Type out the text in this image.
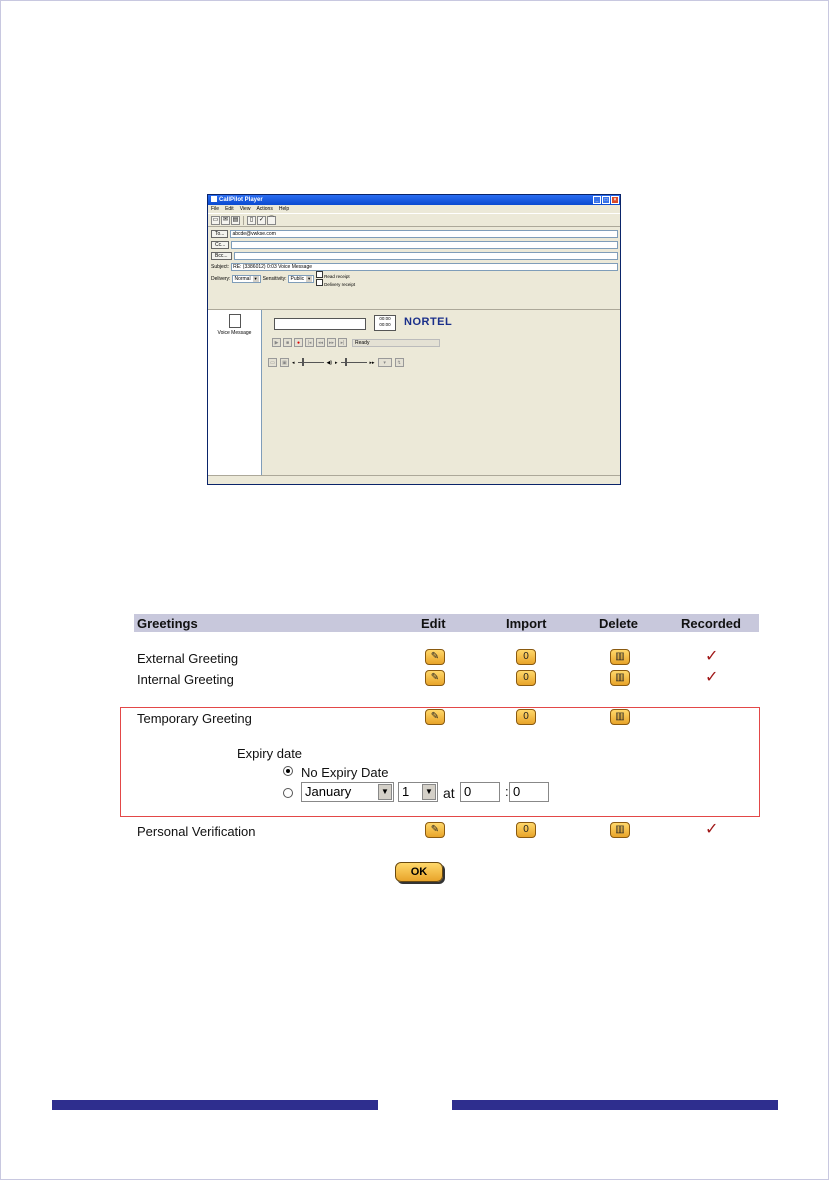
CallPilot Player	_	□	×
File Edit View Actions Help
▭ ✉ ▤	▯ ✓ ⌒
To...	abcde@vwkse.com
Cc...
Bcc...
Subject: RE: (3386012) 0:03 Voice Message
Delivery: Normal ▼ Sensitivity: Public ▼	Read receipt
Delivery receipt
Voice Message
00:00
00:00	NORTEL
▶	■	●	|◂	◂◂	▸▸	▸|	Ready
▭	▣	◂	◀) ▸	▸▸	▾	↯
Greetings	Edit	Import	Delete	Recorded
External Greeting	✎	0	▥	✓
Internal Greeting	✎	0	▥	✓
Temporary Greeting	✎	0	▥
Expiry date
No Expiry Date
January	▼	1	▼ at 0	: 0
Personal Verification	✎	0	▥	✓
OK
